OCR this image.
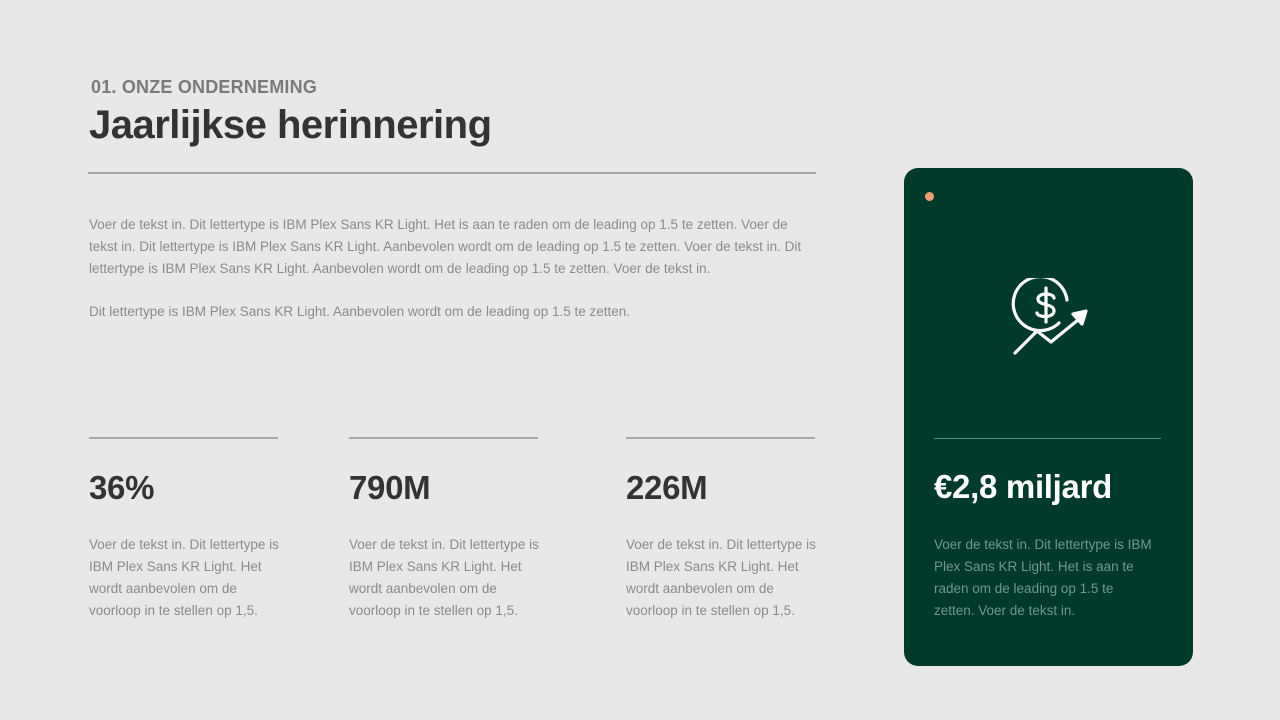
01. ONZE ONDERNEMING
Jaarlijkse herinnering

Voer de tekst in. Dit lettertype is IBM Plex Sans KR Light. Het is aan te raden om de leading op 1.5 te zetten. Voer de tekst in. Dit lettertype is IBM Plex Sans KR Light. Aanbevolen wordt om de leading op 1.5 te zetten. Voer de tekst in. Dit lettertype is IBM Plex Sans KR Light. Aanbevolen wordt om de leading op 1.5 te zetten. Voer de tekst in.

Dit lettertype is IBM Plex Sans KR Light. Aanbevolen wordt om de leading op 1.5 te zetten.

36%
Voer de tekst in. Dit lettertype is IBM Plex Sans KR Light. Het wordt aanbevolen om de voorloop in te stellen op 1,5.
790M
Voer de tekst in. Dit lettertype is IBM Plex Sans KR Light. Het wordt aanbevolen om de voorloop in te stellen op 1,5.
226M
Voer de tekst in. Dit lettertype is IBM Plex Sans KR Light. Het wordt aanbevolen om de voorloop in te stellen op 1,5.
€2,8 miljard
Voer de tekst in. Dit lettertype is IBM Plex Sans KR Light. Het is aan te raden om de leading op 1.5 te zetten. Voer de tekst in.
